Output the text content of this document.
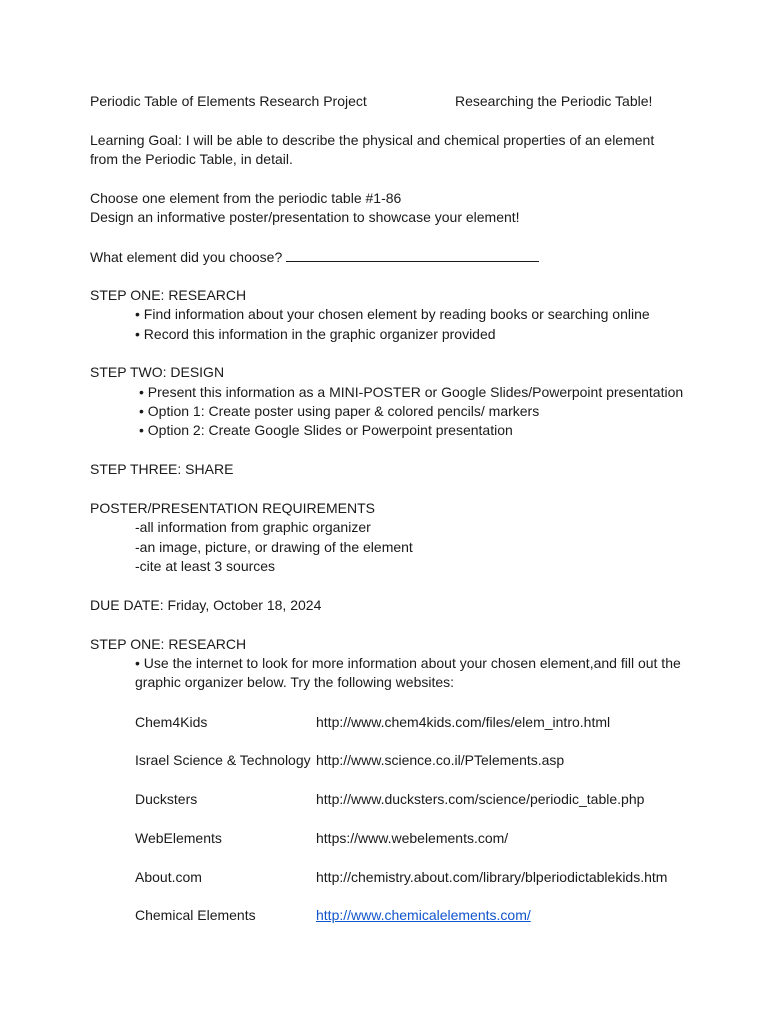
Periodic Table of Elements Research Project	Researching the Periodic Table!
Learning Goal: I will be able to describe the physical and chemical properties of an element
from the Periodic Table, in detail.
Choose one element from the periodic table #1-86
Design an informative poster/presentation to showcase your element!
What element did you choose?
STEP ONE: RESEARCH
• Find information about your chosen element by reading books or searching online
• Record this information in the graphic organizer provided
STEP TWO: DESIGN
• Present this information as a MINI-POSTER or Google Slides/Powerpoint presentation
• Option 1: Create poster using paper & colored pencils/ markers
• Option 2: Create Google Slides or Powerpoint presentation
STEP THREE: SHARE
POSTER/PRESENTATION REQUIREMENTS
-all information from graphic organizer
-an image, picture, or drawing of the element
-cite at least 3 sources
DUE DATE: Friday, October 18, 2024
STEP ONE: RESEARCH
• Use the internet to look for more information about your chosen element,and fill out the
graphic organizer below. Try the following websites:
Chem4Kids	http://www.chem4kids.com/files/elem_intro.html
Israel Science & Technology http://www.science.co.il/PTelements.asp
Ducksters	http://www.ducksters.com/science/periodic_table.php
WebElements	https://www.webelements.com/
About.com	http://chemistry.about.com/library/blperiodictablekids.htm
Chemical Elements	http://www.chemicalelements.com/
